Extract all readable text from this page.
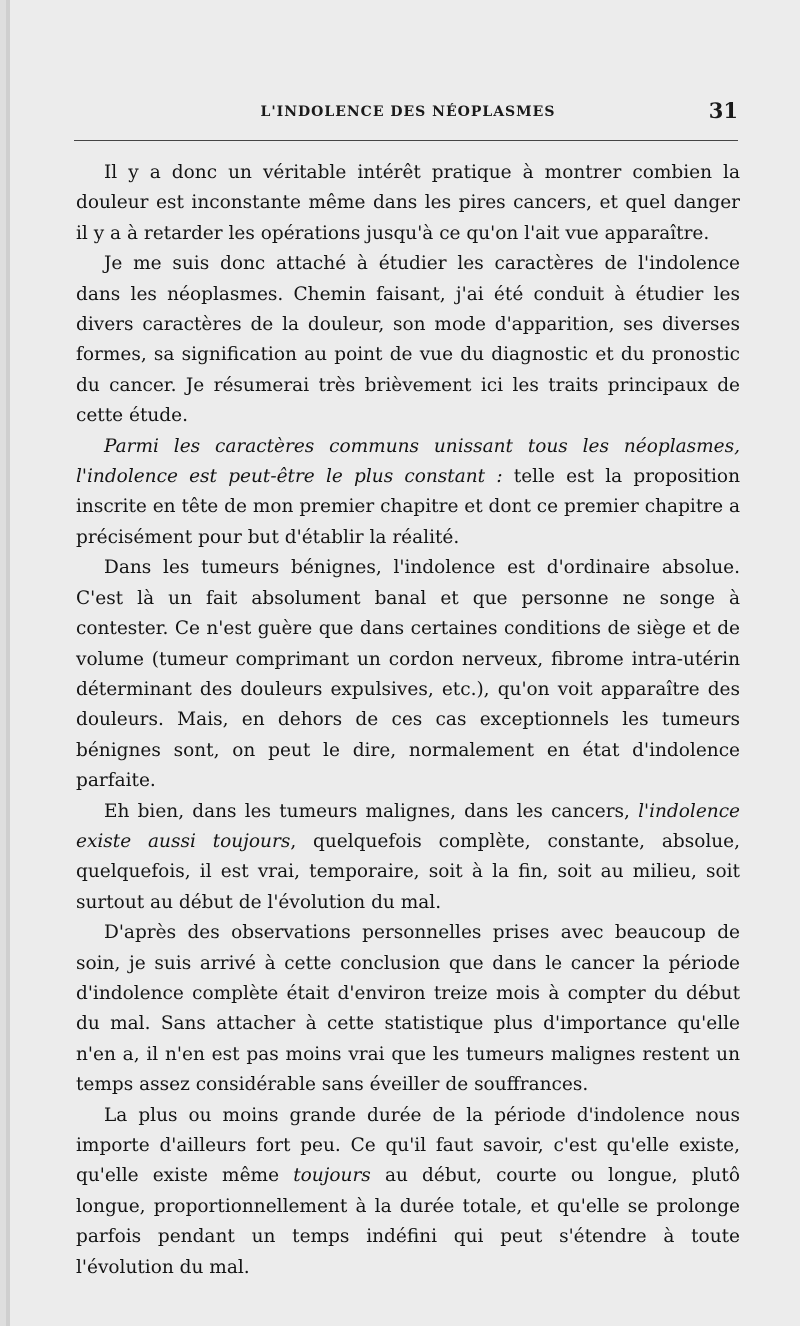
L'INDOLENCE DES NÉOPLASMES	31

Il y a donc un véritable intérêt pratique à montrer combien la douleur est inconstante même dans les pires cancers, et quel danger il y a à retarder les opérations jusqu'à ce qu'on l'ait vue apparaître.

Je me suis donc attaché à étudier les caractères de l'indolence dans les néoplasmes. Chemin faisant, j'ai été conduit à étudier les divers caractères de la douleur, son mode d'apparition, ses diverses formes, sa signification au point de vue du diagnostic et du pronostic du cancer. Je résumerai très brièvement ici les traits principaux de cette étude.

Parmi les caractères communs unissant tous les néoplasmes, l'indolence est peut-être le plus constant : telle est la proposition inscrite en tête de mon premier chapitre et dont ce premier chapitre a précisément pour but d'établir la réalité.

Dans les tumeurs bénignes, l'indolence est d'ordinaire absolue. C'est là un fait absolument banal et que personne ne songe à contester. Ce n'est guère que dans certaines conditions de siège et de volume (tumeur comprimant un cordon nerveux, fibrome intra-utérin déterminant des douleurs expulsives, etc.), qu'on voit apparaître des douleurs. Mais, en dehors de ces cas exceptionnels les tumeurs bénignes sont, on peut le dire, normalement en état d'indolence parfaite.

Eh bien, dans les tumeurs malignes, dans les cancers, l'indolence existe aussi toujours, quelquefois complète, constante, absolue, quelquefois, il est vrai, temporaire, soit à la fin, soit au milieu, soit surtout au début de l'évolution du mal.

D'après des observations personnelles prises avec beaucoup de soin, je suis arrivé à cette conclusion que dans le cancer la période d'indolence complète était d'environ treize mois à compter du début du mal. Sans attacher à cette statistique plus d'importance qu'elle n'en a, il n'en est pas moins vrai que les tumeurs malignes restent un temps assez considérable sans éveiller de souffrances.

La plus ou moins grande durée de la période d'indolence nous importe d'ailleurs fort peu. Ce qu'il faut savoir, c'est qu'elle existe, qu'elle existe même toujours au début, courte ou longue, plutô longue, proportionnellement à la durée totale, et qu'elle se prolonge parfois pendant un temps indéfini qui peut s'étendre à toute l'évolution du mal.
